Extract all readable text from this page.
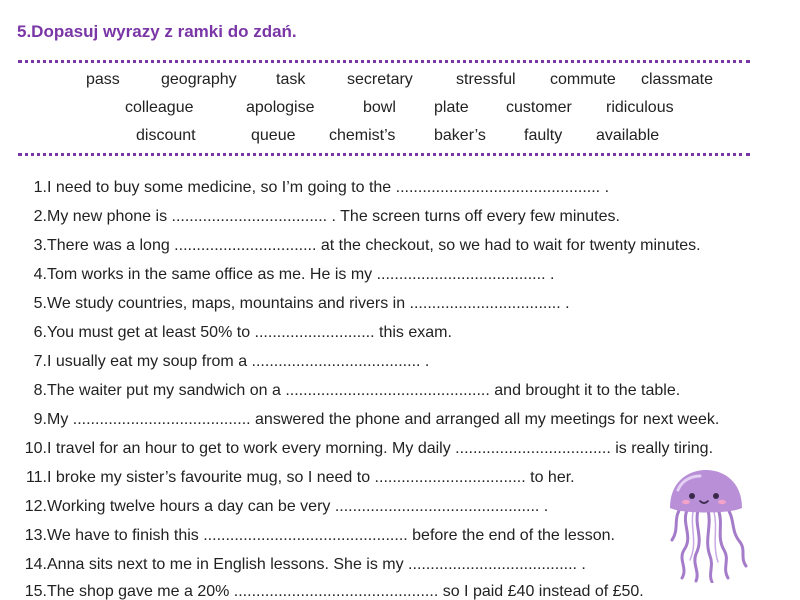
5.Dopasuj wyrazy z ramki do zdań.
pass	geography task	secretary	stressful commute classmate
colleague	apologise	bowl plate customer ridiculous
discount	queue chemist’s baker’s faulty available
1.I need to buy some medicine, so I’m going to the .............................................. .
2.My new phone is ................................... . The screen turns off every few minutes.
3.There was a long ................................ at the checkout, so we had to wait for twenty minutes.
4.Tom works in the same office as me. He is my ...................................... .
5.We study countries, maps, mountains and rivers in .................................. .
6.You must get at least 50% to ........................... this exam.
7.I usually eat my soup from a ...................................... .
8.The waiter put my sandwich on a .............................................. and brought it to the table.
9.My ........................................ answered the phone and arranged all my meetings for next week.
10.I travel for an hour to get to work every morning. My daily ................................... is really tiring.
11.I broke my sister’s favourite mug, so I need to .................................. to her.
12.Working twelve hours a day can be very .............................................. .
13.We have to finish this .............................................. before the end of the lesson.
14.Anna sits next to me in English lessons. She is my ...................................... .
15.The shop gave me a 20% .............................................. so I paid £40 instead of £50.
